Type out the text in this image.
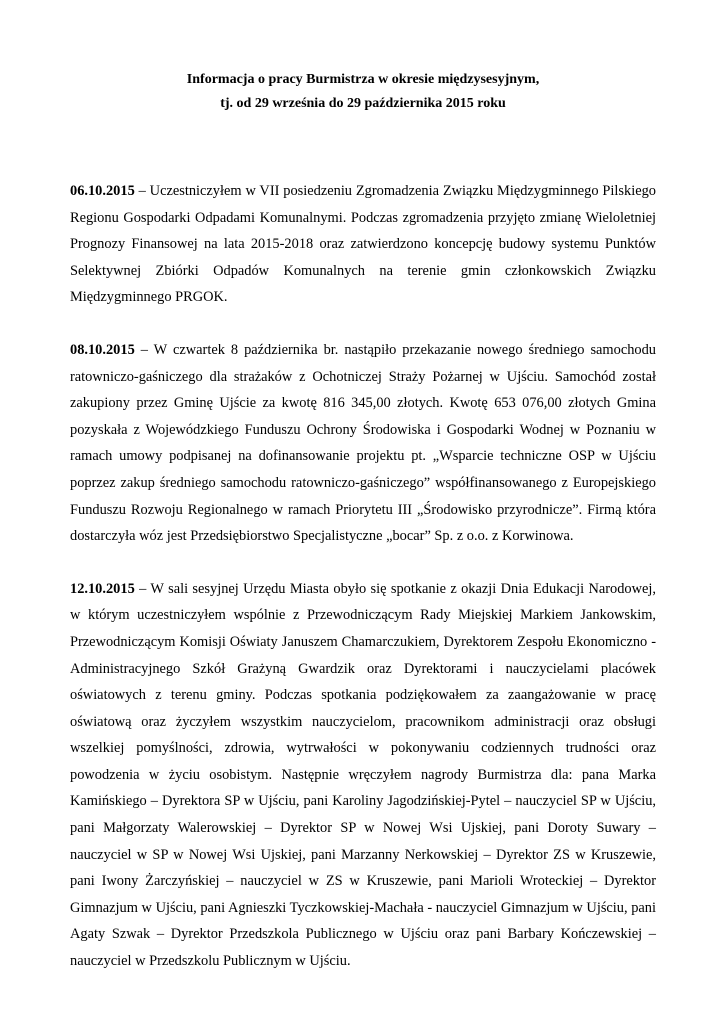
Informacja o pracy Burmistrza w okresie międzysesyjnym,
tj. od 29 września do 29 października 2015 roku

06.10.2015 – Uczestniczyłem w VII posiedzeniu Zgromadzenia Związku Międzygminnego Pilskiego Regionu Gospodarki Odpadami Komunalnymi. Podczas zgromadzenia przyjęto zmianę Wieloletniej Prognozy Finansowej na lata 2015-2018 oraz zatwierdzono koncepcję budowy systemu Punktów Selektywnej Zbiórki Odpadów Komunalnych na terenie gmin członkowskich Związku Międzygminnego PRGOK.

08.10.2015 – W czwartek 8 października br. nastąpiło przekazanie nowego średniego samochodu ratowniczo-gaśniczego dla strażaków z Ochotniczej Straży Pożarnej w Ujściu. Samochód został zakupiony przez Gminę Ujście za kwotę 816 345,00 złotych. Kwotę 653 076,00 złotych Gmina pozyskała z Wojewódzkiego Funduszu Ochrony Środowiska i Gospodarki Wodnej w Poznaniu w ramach umowy podpisanej na dofinansowanie projektu pt. „Wsparcie techniczne OSP w Ujściu poprzez zakup średniego samochodu ratowniczo-gaśniczego” współfinansowanego z Europejskiego Funduszu Rozwoju Regionalnego w ramach Priorytetu III „Środowisko przyrodnicze”. Firmą która dostarczyła wóz jest Przedsiębiorstwo Specjalistyczne „bocar” Sp. z o.o. z Korwinowa.

12.10.2015 – W sali sesyjnej Urzędu Miasta obyło się spotkanie z okazji Dnia Edukacji Narodowej, w którym uczestniczyłem wspólnie z Przewodniczącym Rady Miejskiej Markiem Jankowskim, Przewodniczącym Komisji Oświaty Januszem Chamarczukiem, Dyrektorem Zespołu Ekonomiczno - Administracyjnego Szkół Grażyną Gwardzik oraz Dyrektorami i nauczycielami placówek oświatowych z terenu gminy. Podczas spotkania podziękowałem za zaangażowanie w pracę oświatową oraz życzyłem wszystkim nauczycielom, pracownikom administracji oraz obsługi wszelkiej pomyślności, zdrowia, wytrwałości w pokonywaniu codziennych trudności oraz powodzenia w życiu osobistym. Następnie wręczyłem nagrody Burmistrza dla: pana Marka Kamińskiego – Dyrektora SP w Ujściu, pani Karoliny Jagodzińskiej-Pytel – nauczyciel SP w Ujściu, pani Małgorzaty Walerowskiej – Dyrektor SP w Nowej Wsi Ujskiej, pani Doroty Suwary – nauczyciel w SP w Nowej Wsi Ujskiej, pani Marzanny Nerkowskiej – Dyrektor ZS w Kruszewie, pani Iwony Żarczyńskiej – nauczyciel w ZS w Kruszewie, pani Marioli Wroteckiej – Dyrektor Gimnazjum w Ujściu, pani Agnieszki Tyczkowskiej-Machała - nauczyciel Gimnazjum w Ujściu, pani Agaty Szwak – Dyrektor Przedszkola Publicznego w Ujściu oraz pani Barbary Kończewskiej – nauczyciel w Przedszkolu Publicznym w Ujściu.
